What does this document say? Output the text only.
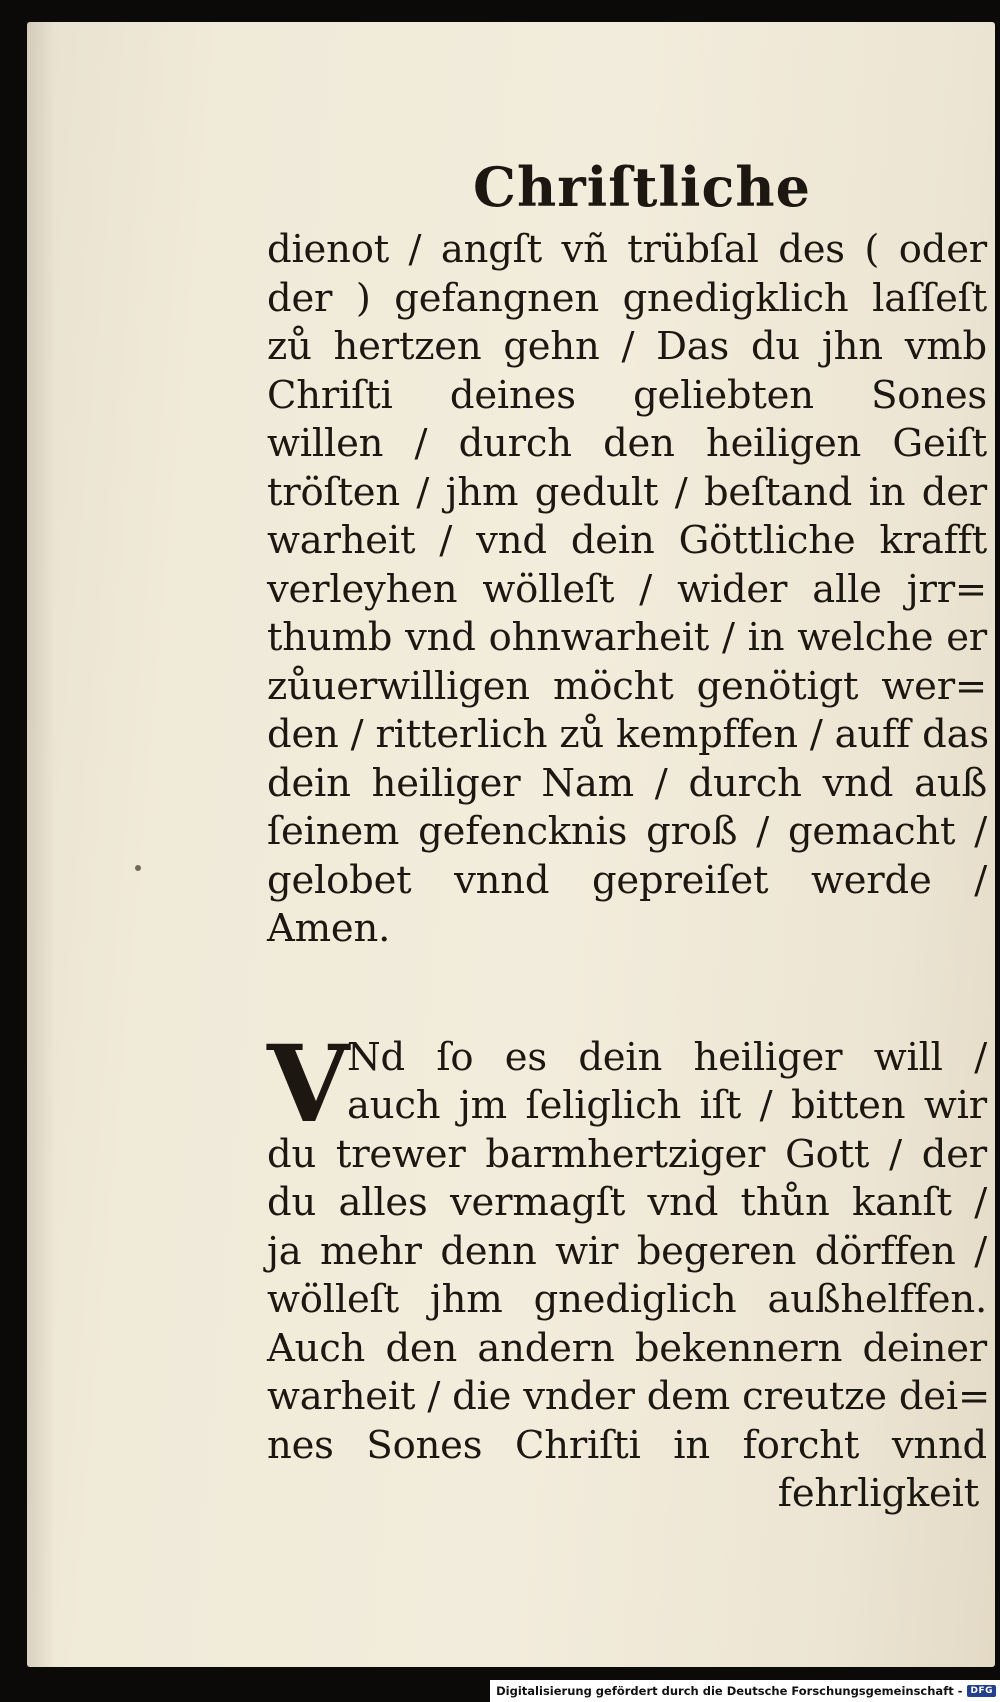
Chriſtliche
dienot / angſt vñ trübſal des ( oder
der ) gefangnen gnedigklich laſſeſt
zů hertzen gehn / Das du jhn vmb
Chriſti deines geliebten Sones
willen / durch den heiligen Geiſt
tröſten / jhm gedult / beſtand in der
warheit / vnd dein Göttliche krafft
verleyhen wölleſt / wider alle jrr=
thumb vnd ohnwarheit / in welche er
zůuerwilligen möcht genötigt wer=
den / ritterlich zů kempffen / auff das
dein heiliger Nam / durch vnd auß
ſeinem gefencknis groß / gemacht /
gelobet vnnd gepreiſet werde /
Amen.
V
Nd ſo es dein heiliger will /
auch jm ſeliglich iſt / bitten wir
du trewer barmhertziger Gott / der
du alles vermagſt vnd thůn kanſt /
ja mehr denn wir begeren dörffen /
wölleſt jhm gnediglich außhelffen.
Auch den andern bekennern deiner
warheit / die vnder dem creutze dei=
nes Sones Chriſti in forcht vnnd
fehrligkeit
Digitalisierung gefördert durch die Deutsche Forschungsgemeinschaft - DFG
